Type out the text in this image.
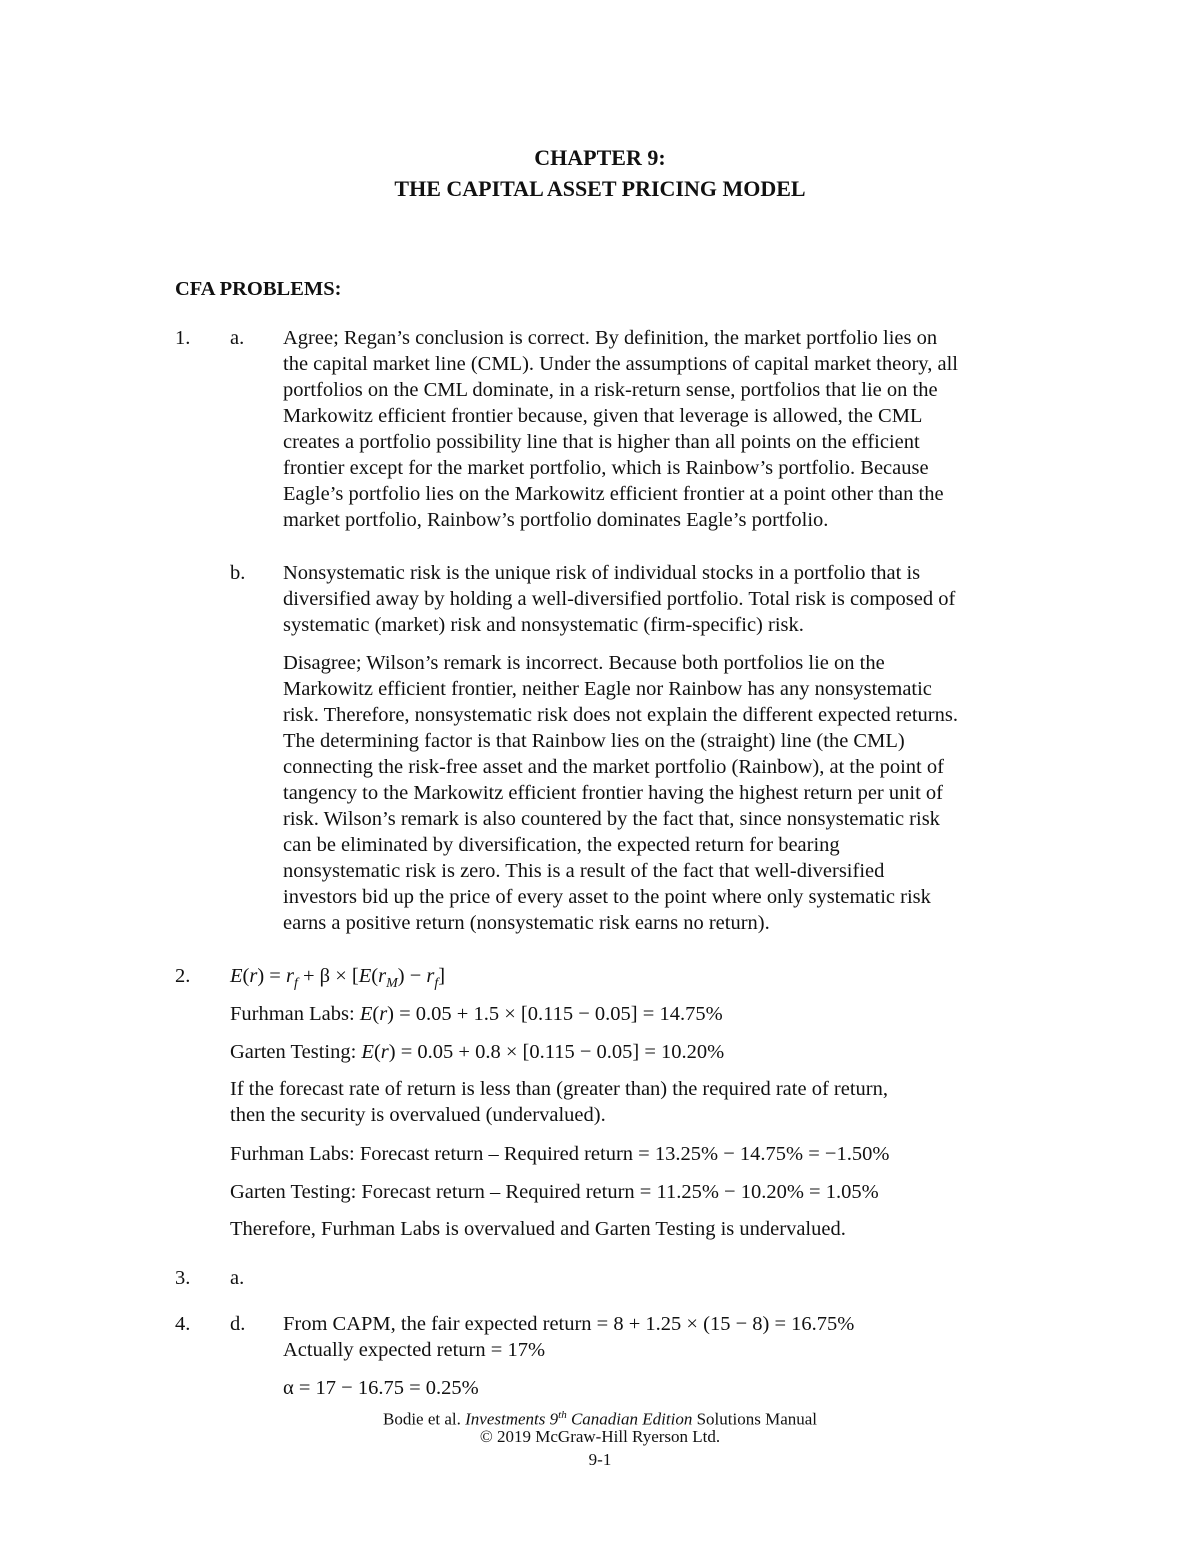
CHAPTER 9:
THE CAPITAL ASSET PRICING MODEL
CFA PROBLEMS:
1. a. Agree; Regan’s conclusion is correct. By definition, the market portfolio lies on

the capital market line (CML). Under the assumptions of capital market theory, all

portfolios on the CML dominate, in a risk-return sense, portfolios that lie on the

Markowitz efficient frontier because, given that leverage is allowed, the CML

creates a portfolio possibility line that is higher than all points on the efficient

frontier except for the market portfolio, which is Rainbow’s portfolio. Because

Eagle’s portfolio lies on the Markowitz efficient frontier at a point other than the

market portfolio, Rainbow’s portfolio dominates Eagle’s portfolio.

b. Nonsystematic risk is the unique risk of individual stocks in a portfolio that is

diversified away by holding a well-diversified portfolio. Total risk is composed of

systematic (market) risk and nonsystematic (firm-specific) risk.

Disagree; Wilson’s remark is incorrect. Because both portfolios lie on the

Markowitz efficient frontier, neither Eagle nor Rainbow has any nonsystematic

risk. Therefore, nonsystematic risk does not explain the different expected returns.

The determining factor is that Rainbow lies on the (straight) line (the CML)

connecting the risk-free asset and the market portfolio (Rainbow), at the point of

tangency to the Markowitz efficient frontier having the highest return per unit of

risk. Wilson’s remark is also countered by the fact that, since nonsystematic risk

can be eliminated by diversification, the expected return for bearing

nonsystematic risk is zero. This is a result of the fact that well-diversified

investors bid up the price of every asset to the point where only systematic risk

earns a positive return (nonsystematic risk earns no return).

2. $E(r) = r_f + \beta \times [E(r_M) - r_f]$
Furhman Labs: E(r) = 0.05 + 1.5 × [0.115 − 0.05] = 14.75%
Garten Testing: E(r) = 0.05 + 0.8 × [0.115 − 0.05] = 10.20%

If the forecast rate of return is less than (greater than) the required rate of return,

then the security is overvalued (undervalued).

Furhman Labs: Forecast return – Required return = 13.25% − 14.75% = −1.50%
Garten Testing: Forecast return – Required return = 11.25% − 10.20% = 1.05%
Therefore, Furhman Labs is overvalued and Garten Testing is undervalued.
3. a.
4. d. From CAPM, the fair expected return = 8 + 1.25 × (15 − 8) = 16.75%
Actually expected return = 17%
α = 17 − 16.75 = 0.25%
Bodie et al. Investments 9th Canadian Edition Solutions Manual
© 2019 McGraw-Hill Ryerson Ltd.
9-1
